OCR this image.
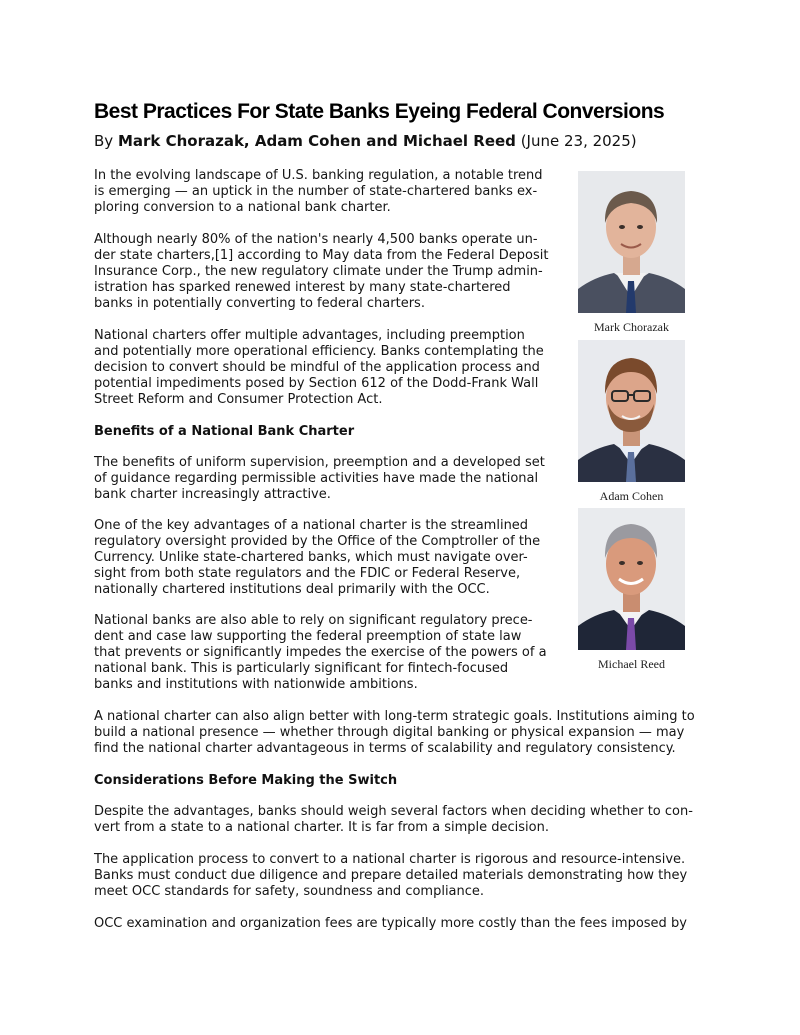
Best Practices For State Banks Eyeing Federal Conversions
By Mark Chorazak, Adam Cohen and Michael Reed (June 23, 2025)
In the evolving landscape of U.S. banking regulation, a notable trend
is emerging — an uptick in the number of state-chartered banks ex-
ploring conversion to a national bank charter.
Although nearly 80% of the nation's nearly 4,500 banks operate un-
der state charters,[1] according to May data from the Federal Deposit
Insurance Corp., the new regulatory climate under the Trump admin-
istration has sparked renewed interest by many state-chartered
banks in potentially converting to federal charters.
National charters offer multiple advantages, including preemption
and potentially more operational efficiency. Banks contemplating the
decision to convert should be mindful of the application process and
potential impediments posed by Section 612 of the Dodd-Frank Wall
Street Reform and Consumer Protection Act.
Benefits of a National Bank Charter
The benefits of uniform supervision, preemption and a developed set
of guidance regarding permissible activities have made the national
bank charter increasingly attractive.
One of the key advantages of a national charter is the streamlined
regulatory oversight provided by the Office of the Comptroller of the
Currency. Unlike state-chartered banks, which must navigate over-
sight from both state regulators and the FDIC or Federal Reserve,
nationally chartered institutions deal primarily with the OCC.
National banks are also able to rely on significant regulatory prece-
dent and case law supporting the federal preemption of state law
that prevents or significantly impedes the exercise of the powers of a
national bank. This is particularly significant for fintech-focused
banks and institutions with nationwide ambitions.
A national charter can also align better with long-term strategic goals. Institutions aiming to
build a national presence — whether through digital banking or physical expansion — may
find the national charter advantageous in terms of scalability and regulatory consistency.
Considerations Before Making the Switch
Despite the advantages, banks should weigh several factors when deciding whether to con-
vert from a state to a national charter. It is far from a simple decision.
The application process to convert to a national charter is rigorous and resource-intensive.
Banks must conduct due diligence and prepare detailed materials demonstrating how they
meet OCC standards for safety, soundness and compliance.
OCC examination and organization fees are typically more costly than the fees imposed by
Mark Chorazak
Adam Cohen
Michael Reed
